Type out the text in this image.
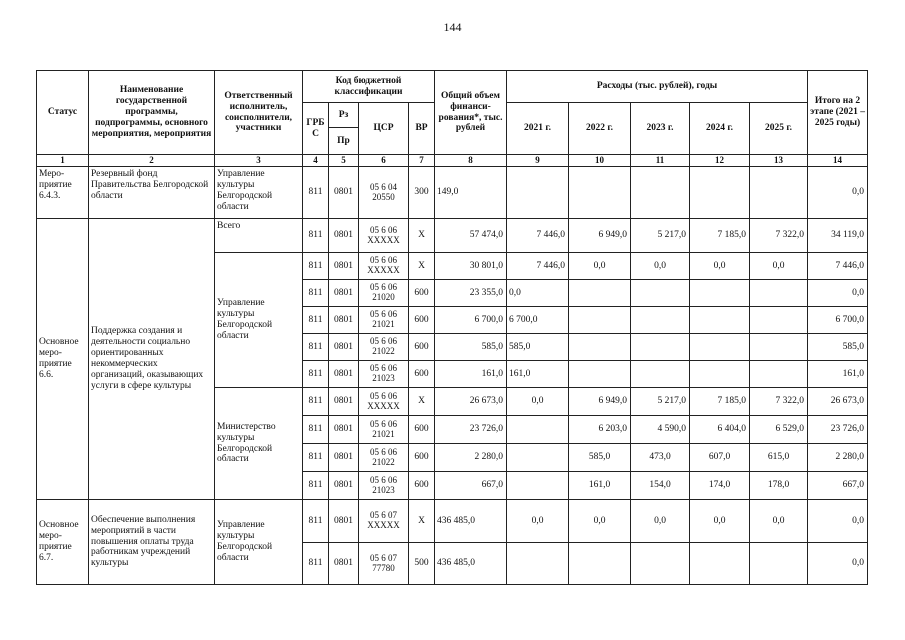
144
Статус	Наименование государственной программы, подпрограммы, основного мероприятия, мероприятия	Ответственный исполнитель, соисполнители, участники	Код бюджетной классификации				Общий объем финанси-рования*, тыс. рублей	Расходы (тыс. рублей), годы					Итого на 2 этапе (2021 – 2025 годы)
			ГРБ С	Рз	ЦСР	ВР		2021 г.	2022 г.	2023 г.	2024 г.	2025 г.	
				Пр									
1	2	3	4	5	6	7	8	9	10	11	12	13	14
Меро-приятие 6.4.3.	Резервный фонд Правительства Белгородской области	Управление культуры Белгородской области	811	0801	05 6 04 20550	300	149,0						0,0
Основное меро-приятие 6.6.	Поддержка создания и деятельности социально ориентированных некоммерческих организаций, оказывающих услуги в сфере культуры	Всего	811	0801	05 6 06 XXXXX	X	57 474,0	7 446,0	6 949,0	5 217,0	7 185,0	7 322,0	34 119,0
		Управление культуры Белгородской области	811	0801	05 6 06 XXXXX	X	30 801,0	7 446,0	0,0	0,0	0,0	0,0	7 446,0
			811	0801	05 6 06 21020	600	23 355,0	0,0					0,0
			811	0801	05 6 06 21021	600	6 700,0	6 700,0					6 700,0
			811	0801	05 6 06 21022	600	585,0	585,0					585,0
			811	0801	05 6 06 21023	600	161,0	161,0					161,0
		Министерство культуры Белгородской области	811	0801	05 6 06 XXXXX	X	26 673,0	0,0	6 949,0	5 217,0	7 185,0	7 322,0	26 673,0
			811	0801	05 6 06 21021	600	23 726,0		6 203,0	4 590,0	6 404,0	6 529,0	23 726,0
			811	0801	05 6 06 21022	600	2 280,0		585,0	473,0	607,0	615,0	2 280,0
			811	0801	05 6 06 21023	600	667,0		161,0	154,0	174,0	178,0	667,0
Основное меро-приятие 6.7.	Обеспечение выполнения мероприятий в части повышения оплаты труда работникам учреждений культуры	Управление культуры Белгородской области	811	0801	05 6 07 XXXXX	X	436 485,0	0,0	0,0	0,0	0,0	0,0	0,0
			811	0801	05 6 07 77780	500	436 485,0						0,0
